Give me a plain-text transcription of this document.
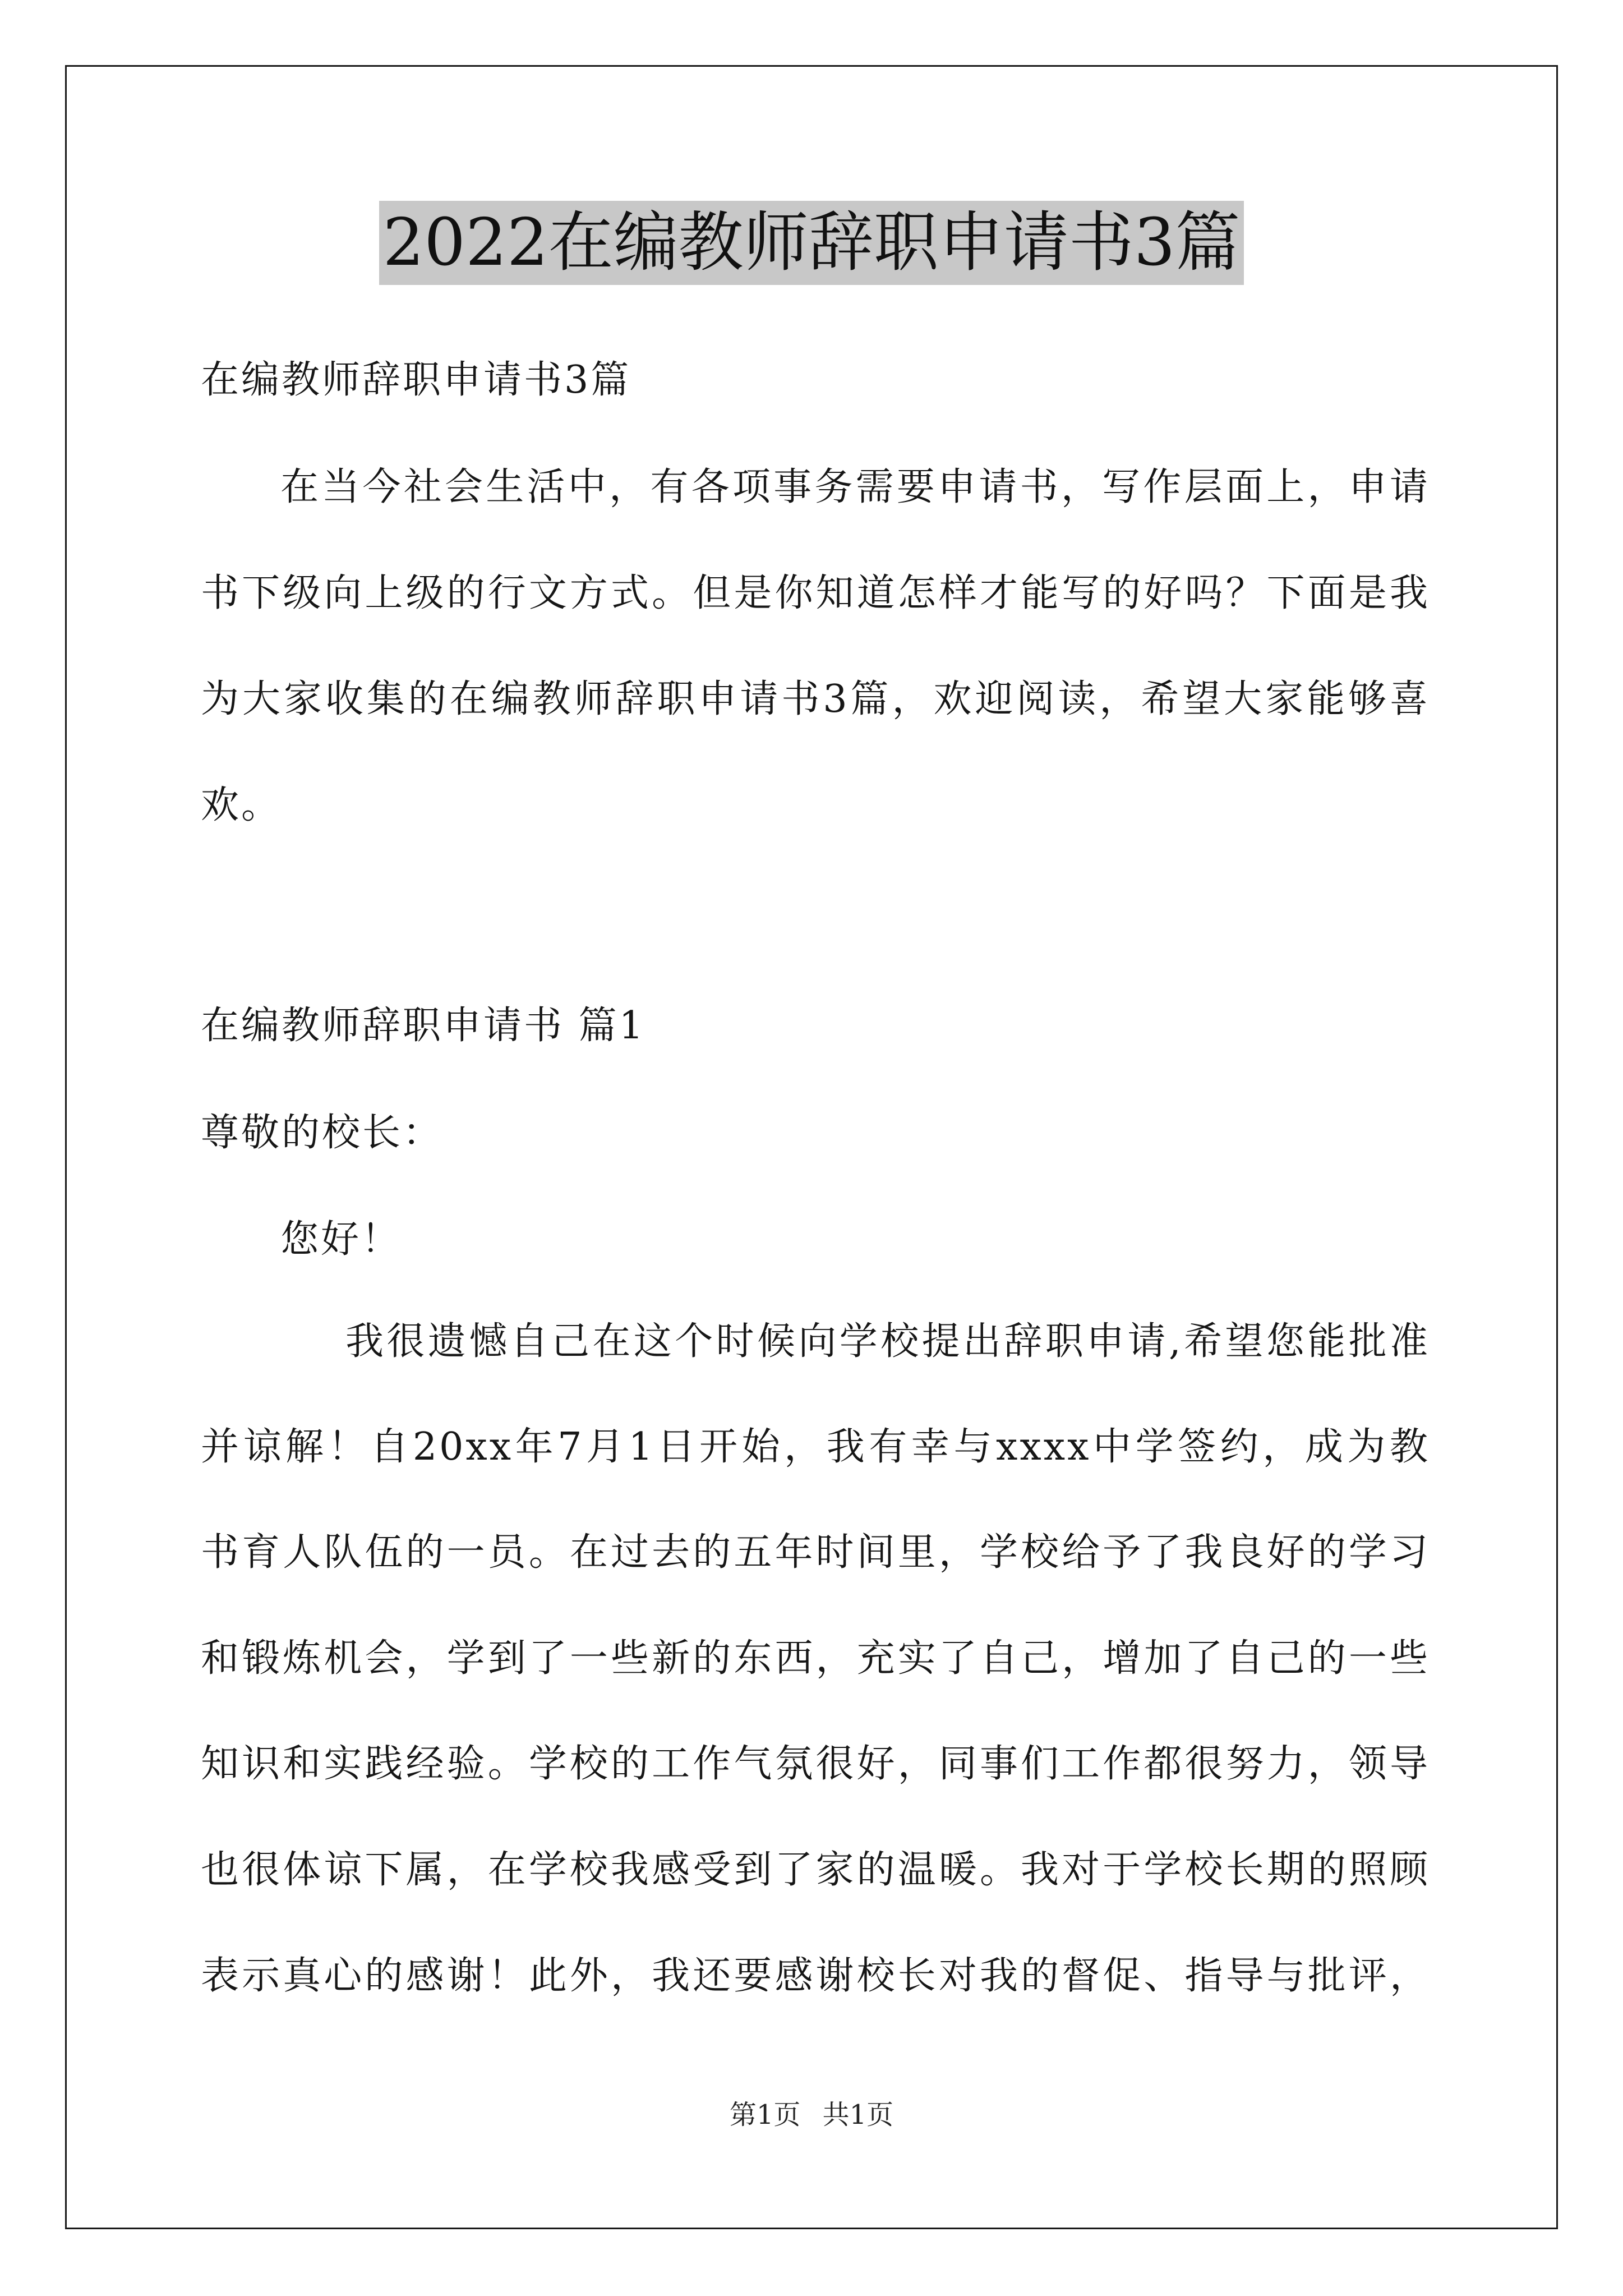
2022在编教师辞职申请书3篇
在编教师辞职申请书3篇
在当今社会生活中，有各项事务需要申请书，写作层面上，申请
书下级向上级的行文方式。但是你知道怎样才能写的好吗？下面是我
为大家收集的在编教师辞职申请书3篇，欢迎阅读，希望大家能够喜
欢。
在编教师辞职申请书 篇1
尊敬的校长：
您好！
我很遗憾自己在这个时候向学校提出辞职申请,希望您能批准
并谅解！自20xx年7月1日开始，我有幸与xxxx中学签约，成为教
书育人队伍的一员。在过去的五年时间里，学校给予了我良好的学习
和锻炼机会，学到了一些新的东西，充实了自己，增加了自己的一些
知识和实践经验。学校的工作气氛很好，同事们工作都很努力，领导
也很体谅下属，在学校我感受到了家的温暖。我对于学校长期的照顾
表示真心的感谢！此外，我还要感谢校长对我的督促、指导与批评，
第1页 共1页
